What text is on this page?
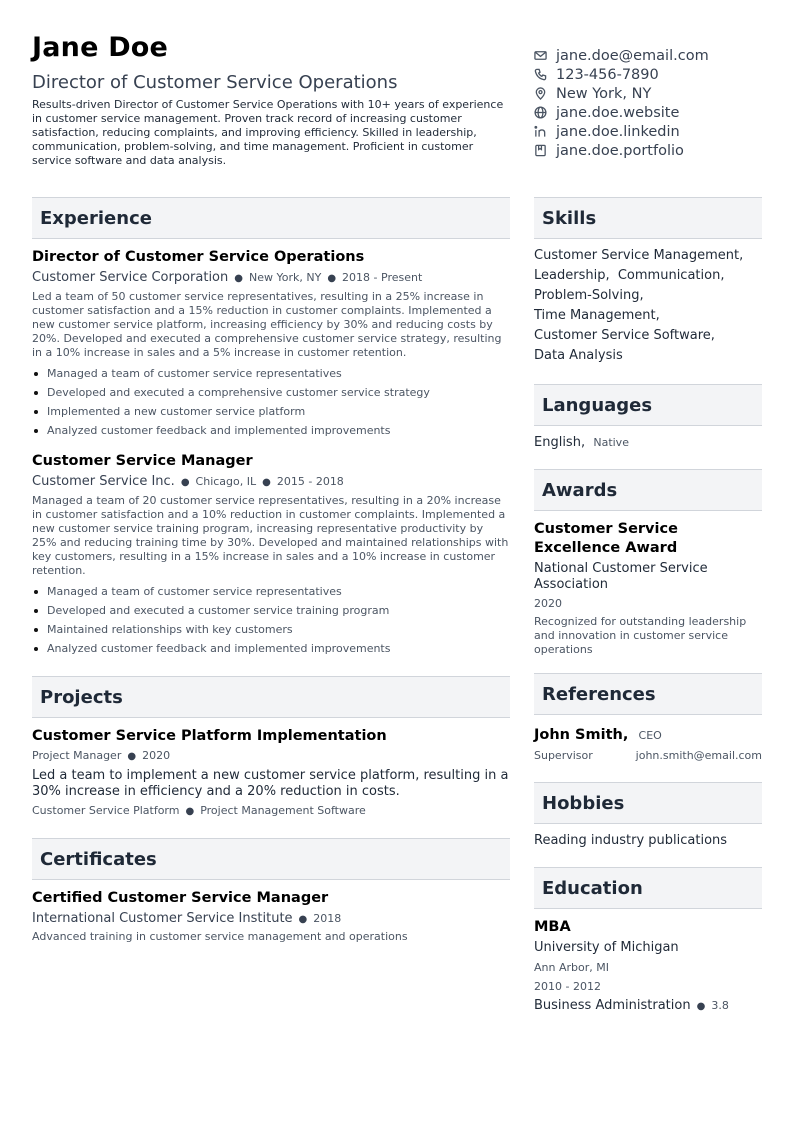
Jane Doe
Director of Customer Service Operations
Results-driven Director of Customer Service Operations with 10+ years of experience in customer service management. Proven track record of increasing customer satisfaction, reducing complaints, and improving efficiency. Skilled in leadership, communication, problem-solving, and time management. Proficient in customer service software and data analysis.
jane.doe@email.com
123-456-7890
New York, NY
jane.doe.website
jane.doe.linkedin
jane.doe.portfolio
Experience
Director of Customer Service Operations
Customer Service Corporation ● New York, NY ● 2018 - Present
Led a team of 50 customer service representatives, resulting in a 25% increase in customer satisfaction and a 15% reduction in customer complaints. Implemented a new customer service platform, increasing efficiency by 30% and reducing costs by 20%. Developed and executed a comprehensive customer service strategy, resulting in a 10% increase in sales and a 5% increase in customer retention.
Managed a team of customer service representatives
Developed and executed a comprehensive customer service strategy
Implemented a new customer service platform
Analyzed customer feedback and implemented improvements
Customer Service Manager
Customer Service Inc. ● Chicago, IL ● 2015 - 2018
Managed a team of 20 customer service representatives, resulting in a 20% increase in customer satisfaction and a 10% reduction in customer complaints. Implemented a new customer service training program, increasing representative productivity by 25% and reducing training time by 30%. Developed and maintained relationships with key customers, resulting in a 15% increase in sales and a 10% increase in customer retention.
Managed a team of customer service representatives
Developed and executed a customer service training program
Maintained relationships with key customers
Analyzed customer feedback and implemented improvements
Projects
Customer Service Platform Implementation
Project Manager ● 2020
Led a team to implement a new customer service platform, resulting in a 30% increase in efficiency and a 20% reduction in costs.
Customer Service Platform ● Project Management Software
Certificates
Certified Customer Service Manager
International Customer Service Institute ● 2018
Advanced training in customer service management and operations
Skills
Customer Service Management,
Leadership, Communication,
Problem-Solving,
Time Management,
Customer Service Software,
Data Analysis
Languages
English, Native
Awards
Customer Service Excellence Award
National Customer Service Association
2020
Recognized for outstanding leadership and innovation in customer service operations
References
John Smith, CEO
Supervisor	john.smith@email.com
Hobbies
Reading industry publications
Education
MBA
University of Michigan
Ann Arbor, MI
2010 - 2012
Business Administration ● 3.8
